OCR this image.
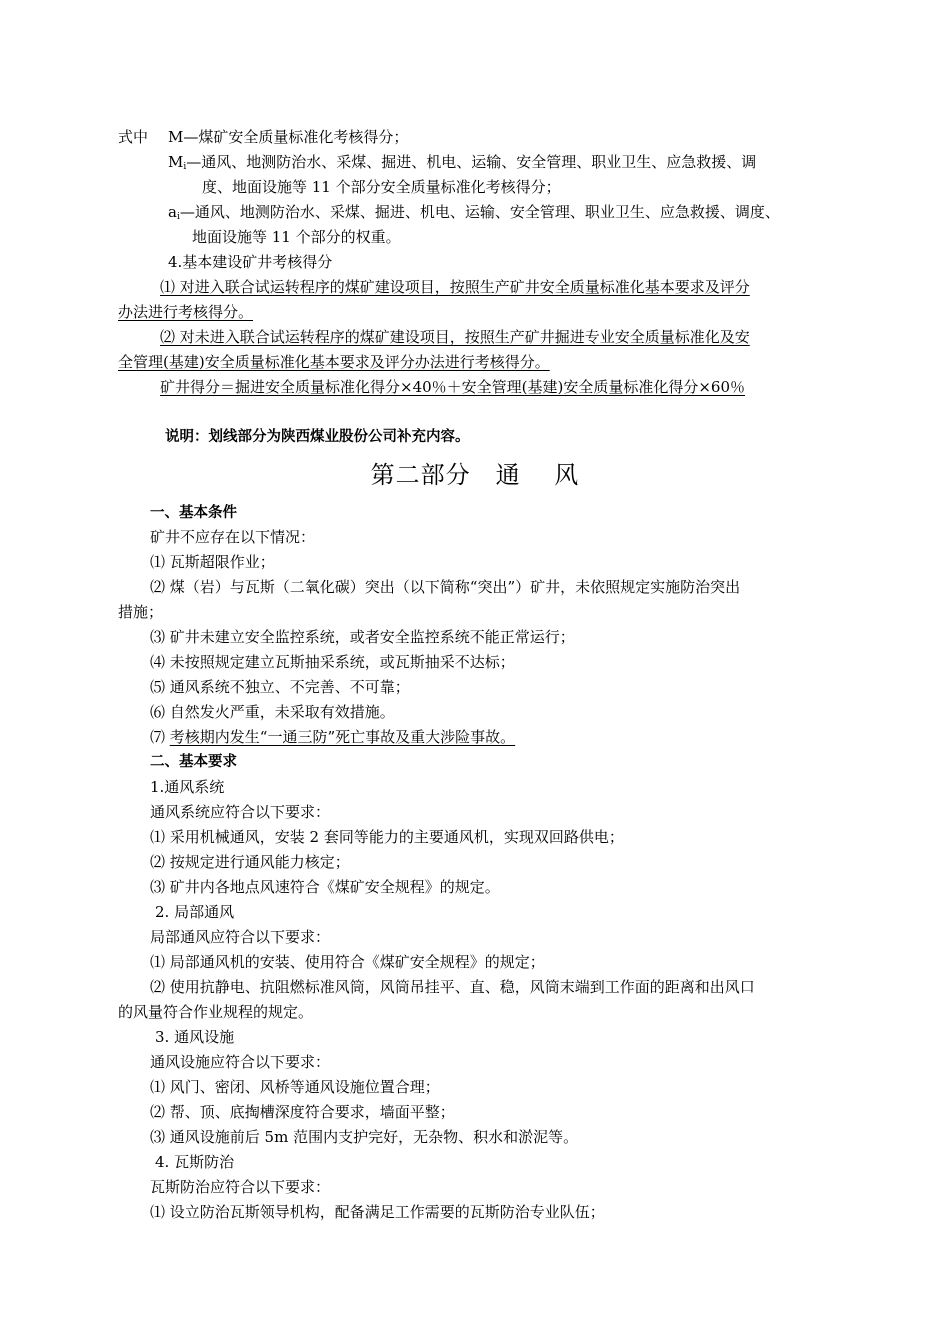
式中 M—煤矿安全质量标准化考核得分；
$M_i—$通风、地测防治水、采煤、掘进、机电、运输、安全管理、职业卫生、应急救援、调
度、地面设施等 11 个部分安全质量标准化考核得分；
$a_i—$通风、地测防治水、采煤、掘进、机电、运输、安全管理、职业卫生、应急救援、调度、
地面设施等 11 个部分的权重。
4.基本建设矿井考核得分
⑴ 对进入联合试运转程序的煤矿建设项目，按照生产矿井安全质量标准化基本要求及评分
办法进行考核得分。
⑵ 对未进入联合试运转程序的煤矿建设项目，按照生产矿井掘进专业安全质量标准化及安
全管理(基建)安全质量标准化基本要求及评分办法进行考核得分。
矿井得分＝掘进安全质量标准化得分×40％＋安全管理(基建)安全质量标准化得分×60％
说明：划线部分为陕西煤业股份公司补充内容。
第二部分　通　 风
一、基本条件
矿井不应存在以下情况：
⑴ 瓦斯超限作业；
⑵ 煤（岩）与瓦斯（二氧化碳）突出（以下简称“突出”）矿井，未依照规定实施防治突出
措施；
⑶ 矿井未建立安全监控系统，或者安全监控系统不能正常运行；
⑷ 未按照规定建立瓦斯抽采系统，或瓦斯抽采不达标；
⑸ 通风系统不独立、不完善、不可靠；
⑹ 自然发火严重，未采取有效措施。
⑺ 考核期内发生“一通三防”死亡事故及重大涉险事故。
二、基本要求
1.通风系统
通风系统应符合以下要求：
⑴ 采用机械通风，安装 2 套同等能力的主要通风机，实现双回路供电；
⑵ 按规定进行通风能力核定；
⑶ 矿井内各地点风速符合《煤矿安全规程》的规定。
2. 局部通风
局部通风应符合以下要求：
⑴ 局部通风机的安装、使用符合《煤矿安全规程》的规定；
⑵ 使用抗静电、抗阻燃标准风筒，风筒吊挂平、直、稳，风筒末端到工作面的距离和出风口
的风量符合作业规程的规定。
3. 通风设施
通风设施应符合以下要求：
⑴ 风门、密闭、风桥等通风设施位置合理；
⑵ 帮、顶、底掏槽深度符合要求，墙面平整；
⑶ 通风设施前后 5m 范围内支护完好，无杂物、积水和淤泥等。
4. 瓦斯防治
瓦斯防治应符合以下要求：
⑴ 设立防治瓦斯领导机构，配备满足工作需要的瓦斯防治专业队伍；
